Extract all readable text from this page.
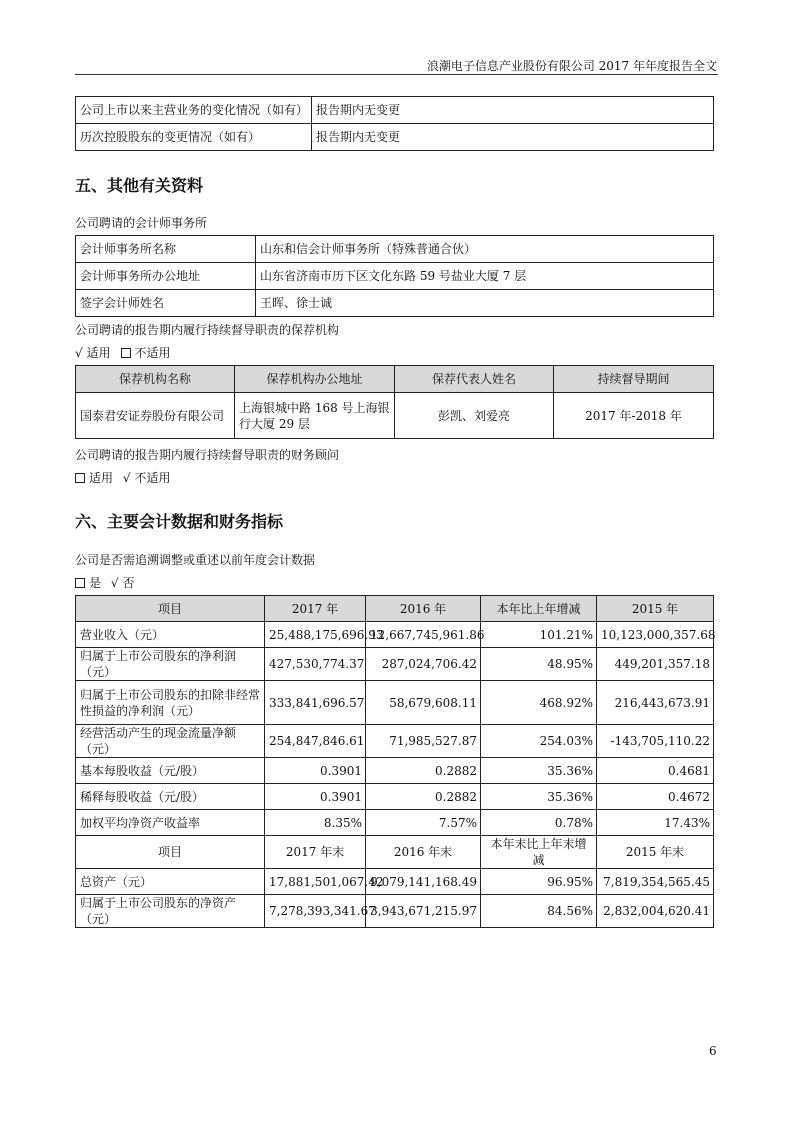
浪潮电子信息产业股份有限公司 2017 年年度报告全文
公司上市以来主营业务的变化情况（如有）	报告期内无变更
历次控股股东的变更情况（如有）	报告期内无变更
五、其他有关资料
公司聘请的会计师事务所
会计师事务所名称	山东和信会计师事务所（特殊普通合伙）
会计师事务所办公地址	山东省济南市历下区文化东路 59 号盐业大厦 7 层
签字会计师姓名	王晖、徐士诚
公司聘请的报告期内履行持续督导职责的保荐机构
√ 适用 不适用
保荐机构名称	保荐机构办公地址	保荐代表人姓名	持续督导期间
国泰君安证券股份有限公司	上海银城中路 168 号上海银行大厦 29 层	彭凯、刘爱亮	2017 年-2018 年
公司聘请的报告期内履行持续督导职责的财务顾问
适用 √ 不适用
六、主要会计数据和财务指标
公司是否需追溯调整或重述以前年度会计数据
是 √ 否
项目	2017 年	2016 年	本年比上年增减	2015 年
营业收入（元）	25,488,175,696.93	12,667,745,961.86	101.21%	10,123,000,357.68
归属于上市公司股东的净利润（元）	427,530,774.37	287,024,706.42	48.95%	449,201,357.18
归属于上市公司股东的扣除非经常性损益的净利润（元）	333,841,696.57	58,679,608.11	468.92%	216,443,673.91
经营活动产生的现金流量净额（元）	254,847,846.61	71,985,527.87	254.03%	-143,705,110.22
基本每股收益（元/股）	0.3901	0.2882	35.36%	0.4681
稀释每股收益（元/股）	0.3901	0.2882	35.36%	0.4672
加权平均净资产收益率	8.35%	7.57%	0.78%	17.43%
项目	2017 年末	2016 年末	本年末比上年末增减	2015 年末
总资产（元）	17,881,501,067.42	9,079,141,168.49	96.95%	7,819,354,565.45
归属于上市公司股东的净资产（元）	7,278,393,341.67	3,943,671,215.97	84.56%	2,832,004,620.41
6
